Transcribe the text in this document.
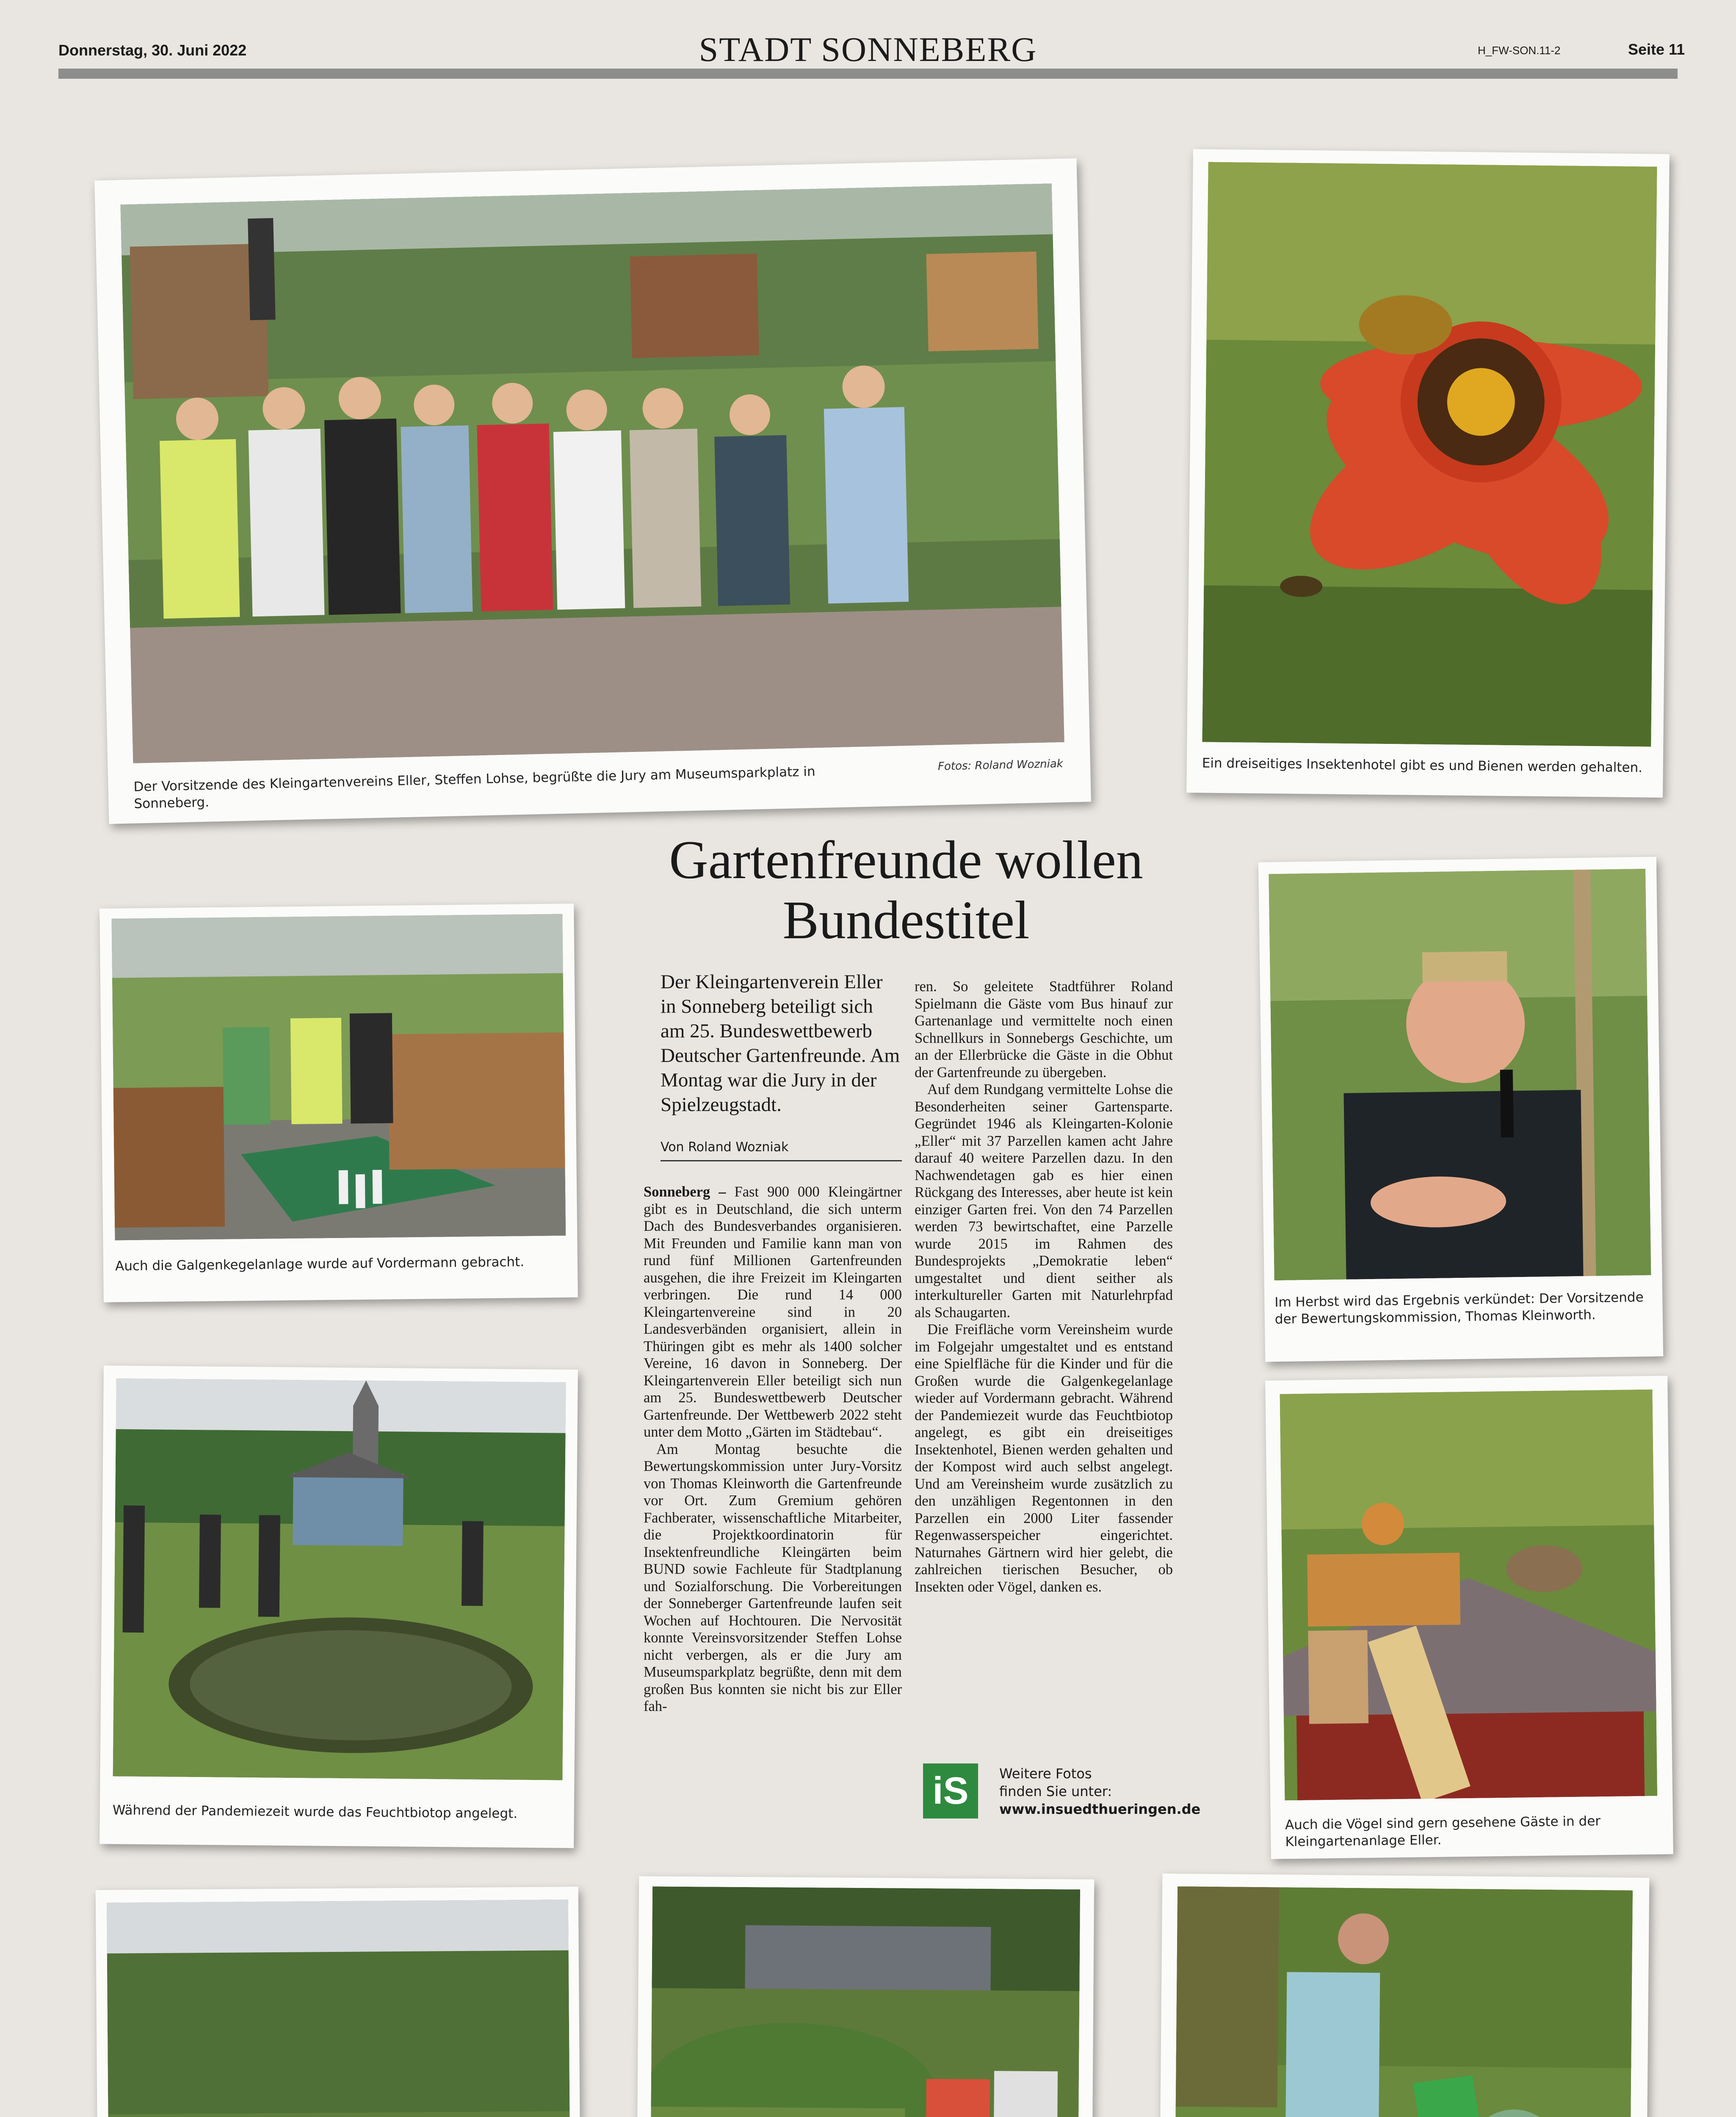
Donnerstag, 30. Juni 2022	STADT SONNEBERG	H_FW-SON.11-2	Seite 11
Der Vorsitzende des Kleingartenvereins Eller, Steffen Lohse, begrüßte die Jury am Museumsparkplatz in Sonneberg.
Fotos: Roland Wozniak	Ein dreiseitiges Insektenhotel gibt es und Bienen werden gehalten.
Gartenfreunde wollen Bundestitel
Der Kleingartenverein Eller in Sonneberg beteiligt sich am 25. Bundeswettbewerb Deutscher Gartenfreunde. Am Montag war die Jury in der Spielzeugstadt.
Von Roland Wozniak

Sonneberg – Fast 900 000 Kleingärtner gibt es in Deutschland, die sich unterm Dach des Bundesverbandes organisieren. Mit Freunden und Familie kann man von rund fünf Millionen Gartenfreunden ausgehen, die ihre Freizeit im Kleingarten verbringen. Die rund 14 000 Kleingartenvereine sind in 20 Landesverbänden organisiert, allein in Thüringen gibt es mehr als 1400 solcher Vereine, 16 davon in Sonneberg. Der Kleingartenverein Eller beteiligt sich nun am 25. Bundeswettbewerb Deutscher Gartenfreunde. Der Wettbewerb 2022 steht unter dem Motto „Gärten im Städtebau“.

Am Montag besuchte die Bewertungskommission unter Jury-Vorsitz von Thomas Kleinworth die Gartenfreunde vor Ort. Zum Gremium gehören Fachberater, wissenschaftliche Mitarbeiter, die Projektkoordinatorin für Insektenfreundliche Kleingärten beim BUND sowie Fachleute für Stadtplanung und Sozialforschung. Die Vorbereitungen der Sonneberger Gartenfreunde laufen seit Wochen auf Hochtouren. Die Nervosität konnte Vereinsvorsitzender Steffen Lohse nicht verbergen, als er die Jury am Museumsparkplatz begrüßte, denn mit dem großen Bus konnten sie nicht bis zur Eller fah-

ren. So geleitete Stadtführer Roland Spielmann die Gäste vom Bus hinauf zur Gartenanlage und vermittelte noch einen Schnellkurs in Sonnebergs Geschichte, um an der Ellerbrücke die Gäste in die Obhut der Gartenfreunde zu übergeben.

Auf dem Rundgang vermittelte Lohse die Besonderheiten seiner Gartensparte. Gegründet 1946 als Kleingarten-Kolonie „Eller“ mit 37 Parzellen kamen acht Jahre darauf 40 weitere Parzellen dazu. In den Nachwendetagen gab es hier einen Rückgang des Interesses, aber heute ist kein einziger Garten frei. Von den 74 Parzellen werden 73 bewirtschaftet, eine Parzelle wurde 2015 im Rahmen des Bundesprojekts „Demokratie leben“ umgestaltet und dient seither als interkultureller Garten mit Naturlehrpfad als Schaugarten.

Die Freifläche vorm Vereinsheim wurde im Folgejahr umgestaltet und es entstand eine Spielfläche für die Kinder und für die Großen wurde die Galgenkegelanlage wieder auf Vordermann gebracht. Während der Pandemiezeit wurde das Feuchtbiotop angelegt, es gibt ein dreiseitiges Insektenhotel, Bienen werden gehalten und der Kompost wird auch selbst angelegt. Und am Vereinsheim wurde zusätzlich zu den unzähligen Regentonnen in den Parzellen ein 2000 Liter fassender Regenwasserspeicher eingerichtet. Naturnahes Gärtnern wird hier gelebt, die zahlreichen tierischen Besucher, ob Insekten oder Vögel, danken es.

iS	Weitere Fotos
finden Sie unter:
www.insuedthueringen.de
Auch die Galgenkegelanlage wurde auf Vordermann gebracht.
Im Herbst wird das Ergebnis verkündet: Der Vorsitzende der Bewertungskommission, Thomas Kleinworth.
Während der Pandemiezeit wurde das Feuchtbiotop angelegt.
Auch die Vögel sind gern gesehene Gäste in der Kleingartenanlage Eller.
